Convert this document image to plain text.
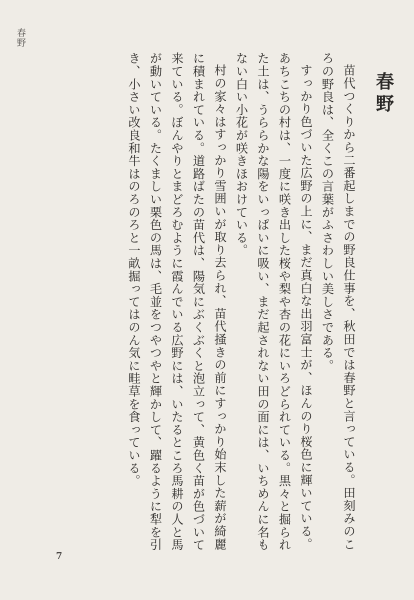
春野
春野

苗代つくりから二番起しまでの野良仕事を、秋田では春野と言っている。田刻みのころの野良は、全くこの言葉がふさわしい美しさである。

すっかり色づいた広野の上に、まだ真白な出羽富士が、ほんのり桜色に輝いている。あちこちの村は、一度に咲き出した桜や梨や杏の花にいろどられている。黒々と掘られた土は、うららかな陽をいっぱいに吸い、まだ起されない田の面には、いちめんに名もない白い小花が咲きほおけている。

村の家々はすっかり雪囲いが取り去られ、苗代掻きの前にすっかり始末した薪が綺麗に積まれている。道路ばたの苗代は、陽気にぶくぶくと泡立って、黄色く苗が色づいて来ている。ぼんやりとまどろむように霞んでいる広野には、いたるところ馬耕の人と馬が動いている。たくましい栗色の馬は、毛並をつやつやと輝かして、躍るように犁を引き、小さい改良和牛はのろのろと一畝掘ってはのん気に畦草を食っている。

7
